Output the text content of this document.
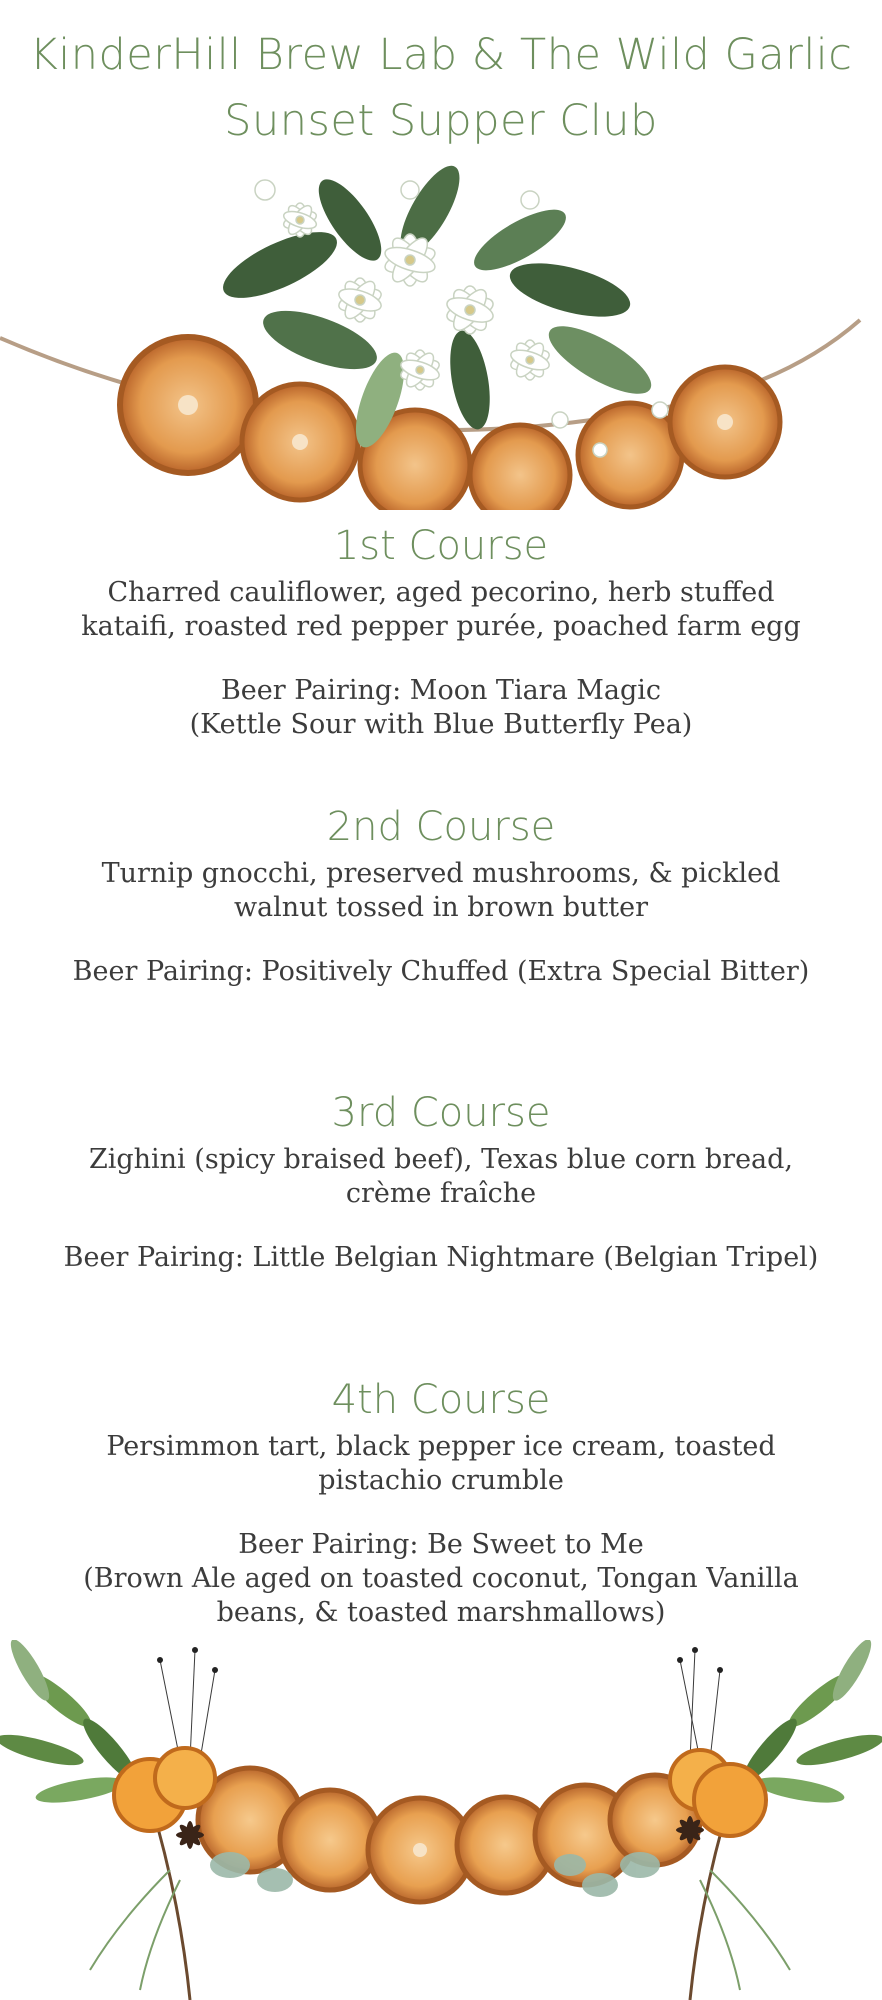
KinderHill Brew Lab & The Wild Garlic
Sunset Supper Club
1st Course

Charred cauliflower, aged pecorino, herb stuffed
kataifi, roasted red pepper purée, poached farm egg

Beer Pairing: Moon Tiara Magic
(Kettle Sour with Blue Butterfly Pea)

2nd Course

Turnip gnocchi, preserved mushrooms, & pickled
walnut tossed in brown butter

Beer Pairing: Positively Chuffed (Extra Special Bitter)

3rd Course

Zighini (spicy braised beef), Texas blue corn bread,
crème fraîche

Beer Pairing: Little Belgian Nightmare (Belgian Tripel)

4th Course

Persimmon tart, black pepper ice cream, toasted
pistachio crumble

Beer Pairing: Be Sweet to Me
(Brown Ale aged on toasted coconut, Tongan Vanilla
beans, & toasted marshmallows)
